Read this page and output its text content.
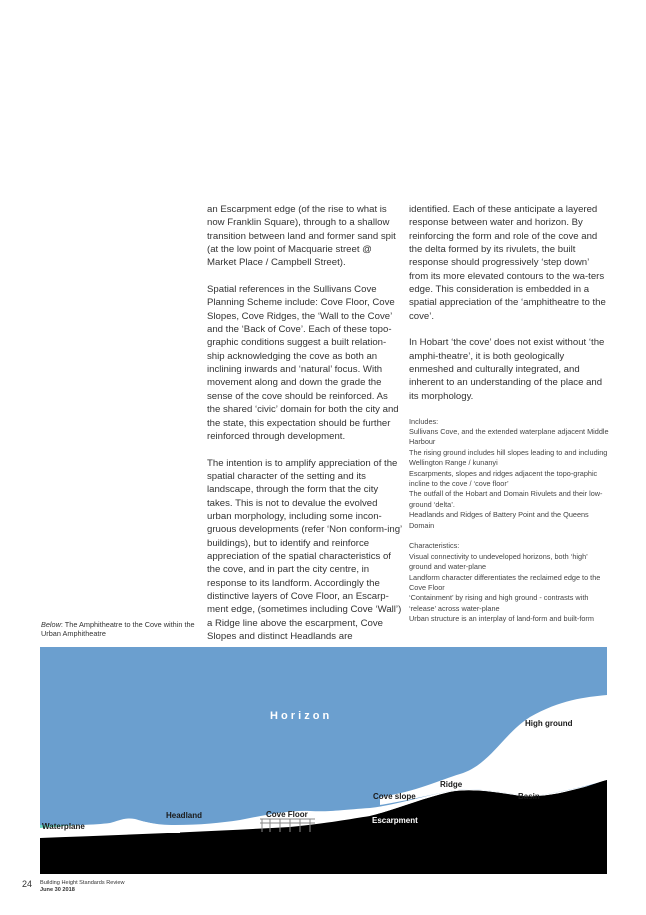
an Escarpment edge (of the rise to what is now Franklin Square), through to a shallow transition between land and former sand spit (at the low point of Macquarie street @ Market Place / Campbell Street).

Spatial references in the Sullivans Cove Planning Scheme include: Cove Floor, Cove Slopes, Cove Ridges, the ‘Wall to the Cove’ and the ‘Back of Cove’. Each of these topo-graphic conditions suggest a built relation-ship acknowledging the cove as both an inclining inwards and ‘natural’ focus. With movement along and down the grade the sense of the cove should be reinforced. As the shared ‘civic’ domain for both the city and the state, this expectation should be further reinforced through development.

The intention is to amplify appreciation of the spatial character of the setting and its landscape, through the form that the city takes. This is not to devalue the evolved urban morphology, including some incon-gruous developments (refer ‘Non conform-ing’ buildings), but to identify and reinforce appreciation of the spatial characteristics of the cove, and in part the city centre, in response to its landform. Accordingly the distinctive layers of Cove Floor, an Escarp-ment edge, (sometimes including Cove ‘Wall’) a Ridge line above the escarpment, Cove Slopes and distinct Headlands are

identified. Each of these anticipate a layered response between water and horizon. By reinforcing the form and role of the cove and the delta formed by its rivulets, the built response should progressively ‘step down’ from its more elevated contours to the wa-ters edge. This consideration is embedded in a spatial appreciation of the ‘amphitheatre to the cove’.

In Hobart ‘the cove’ does not exist without ‘the amphi-theatre’, it is both geologically enmeshed and culturally integrated, and inherent to an understanding of the place and its morphology.

Includes:
Sullivans Cove, and the extended waterplane adjacent Middle Harbour
The rising ground includes hill slopes leading to and including Wellington Range / kunanyi
Escarpments, slopes and ridges adjacent the topo-graphic incline to the cove / ‘cove floor’
The outfall of the Hobart and Domain Rivulets and their low-ground ‘delta’.
Headlands and Ridges of Battery Point and the Queens Domain

Characteristics:
Visual connectivity to undeveloped horizons, both ‘high’ ground and water-plane
Landform character differentiates the reclaimed edge to the Cove Floor
‘Containment’ by rising and high ground - contrasts with ‘release’ across water-plane
Urban structure is an interplay of land-form and built-form

Below: The Amphitheatre to the Cove within the Urban Amphitheatre
H o r i z o n
High ground
Ridge
Basin
Cove slope
Headland	Cove Floor
Escarpment
Waterplane
24 Building Height Standards Review
June 30 2018
